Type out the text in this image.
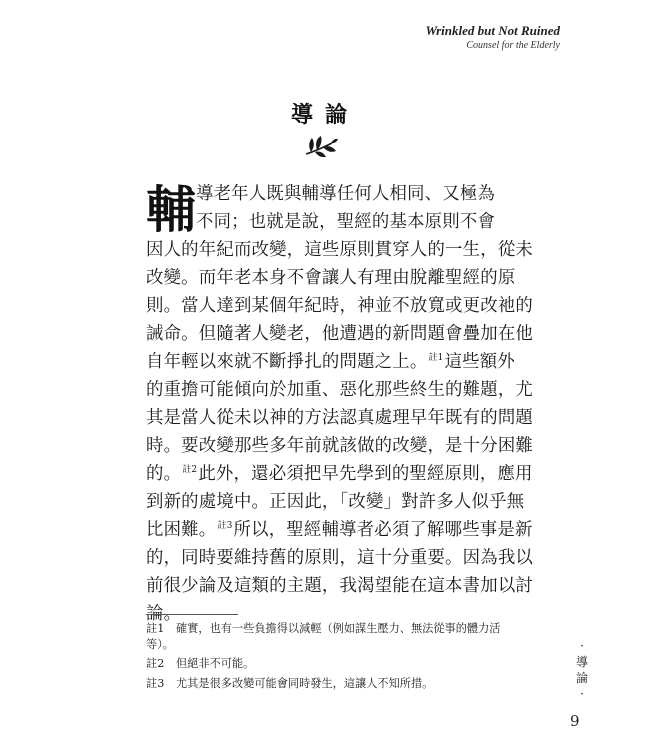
Wrinkled but Not Ruined
Counsel for the Elderly
導論
輔 導老年人既與輔導任何人相同、又極為
不同；也就是說，聖經的基本原則不會
因人的年紀而改變，這些原則貫穿人的一生，從未
改變。而年老本身不會讓人有理由脫離聖經的原
則。當人達到某個年紀時，神並不放寬或更改祂的
誡命。但隨著人變老，他遭遇的新問題會疊加在他
自年輕以來就不斷掙扎的問題之上。$^{註1}$這些額外
的重擔可能傾向於加重、惡化那些終生的難題，尤
其是當人從未以神的方法認真處理早年既有的問題
時。要改變那些多年前就該做的改變，是十分困難
的。$^{註2}$此外，還必須把早先學到的聖經原則，應用
到新的處境中。正因此，「改變」對許多人似乎無
比困難。$^{註3}$所以，聖經輔導者必須了解哪些事是新
的，同時要維持舊的原則，這十分重要。因為我以
前很少論及這類的主題，我渴望能在這本書加以討
論。
註1 確實，也有一些負擔得以減輕（例如謀生壓力、無法從事的體力活
等）。
註2 但絕非不可能。
註3 尤其是很多改變可能會同時發生，這讓人不知所措。
·
導
論
·
9
